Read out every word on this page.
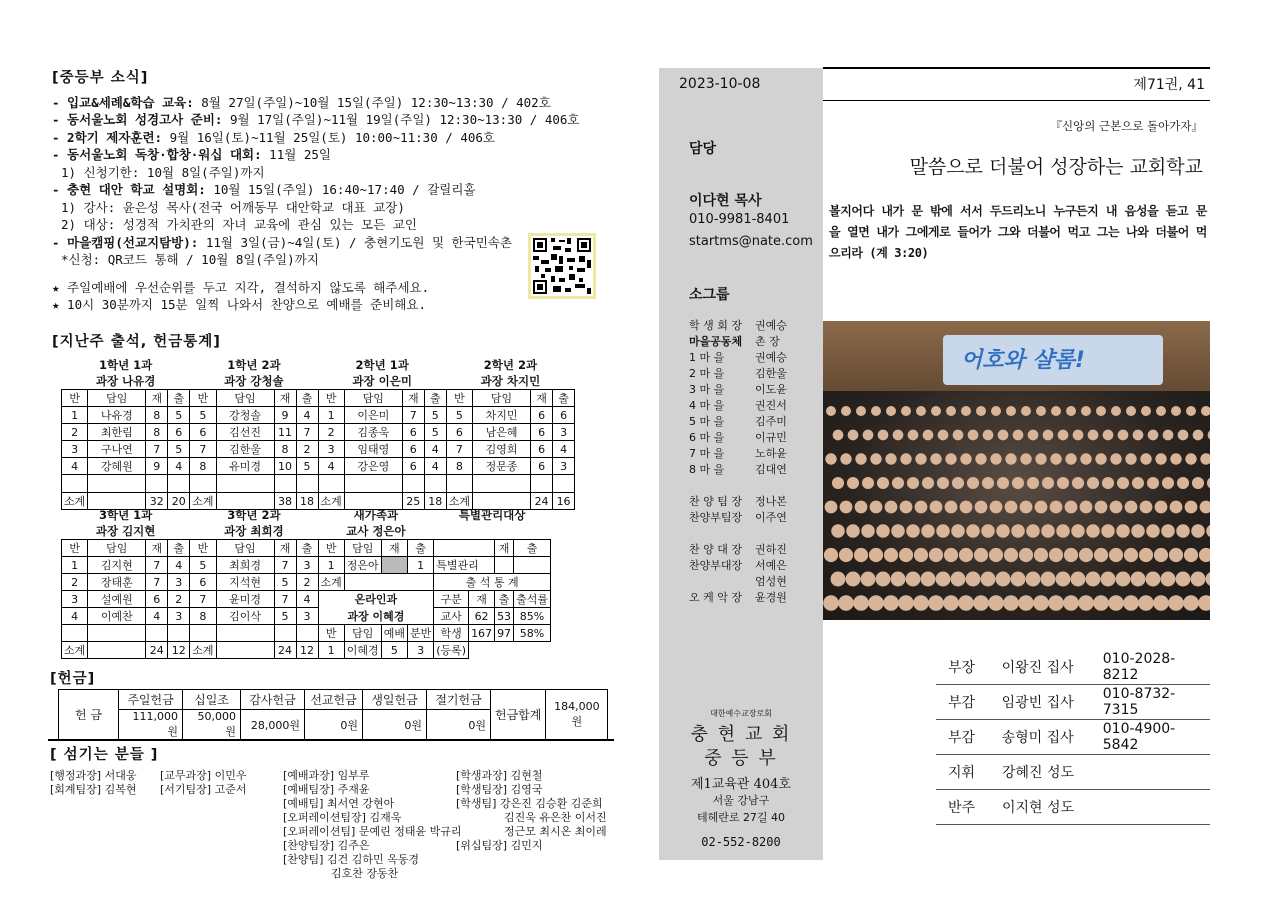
[중등부 소식]
- 입교&세례&학습 교육: 8월 27일(주일)~10월 15일(주일) 12:30~13:30 / 402호
- 동서울노회 성경고사 준비: 9월 17일(주일)~11월 19일(주일) 12:30~13:30 / 406호
- 2학기 제자훈련: 9월 16일(토)~11월 25일(토) 10:00~11:30 / 406호
- 동서울노회 독창·합창·워십 대회: 11월 25일
1) 신청기한: 10월 8일(주일)까지
- 충현 대안 학교 설명회: 10월 15일(주일) 16:40~17:40 / 갈릴리홀
1) 강사: 윤은성 목사(전국 어깨동무 대안학교 대표 교장)
2) 대상: 성경적 가치관의 자녀 교육에 관심 있는 모든 교인
- 마을캠핑(선교지탐방): 11월 3일(금)~4일(토) / 충현기도원 및 한국민속촌
*신청: QR코드 통해 / 10월 8일(주일)까지
★ 주일예배에 우선순위를 두고 지각, 결석하지 않도록 해주세요.
★ 10시 30분까지 15분 일찍 나와서 찬양으로 예배를 준비해요.
[지난주 출석, 헌금통계]
1학년 1과				1학년 2과				2학년 1과				2학년 2과			
과장 나유경				과장 강청솔				과장 이은미				과장 차지민			
반	담임	재	출	반	담임	재	출	반	담임	재	출	반	담임	재	출
1	나유경	8	5	5	강청솔	9	4	1	이은미	7	5	5	차지민	6	6
2	최한림	8	6	6	김선진	11	7	2	김종욱	6	5	6	남은혜	6	3
3	구나연	7	5	7	김한울	8	2	3	임태영	6	4	7	김영희	6	4
4	강혜원	9	4	8	유미경	10	5	4	강은영	6	4	8	정문종	6	3

소계		32	20	소계		38	18	소계		25	18	소계		24	16
3학년 1과				3학년 2과				새가족과				특별관리대상			
과장 김지현				과장 최희경				교사 정은아							
반	담임	재	출	반	담임	재	출	반	담임	재	출			재	출
1	김지현	7	4	5	최희경	7	3	1	정은아		1	특별관리			
2	장태훈	7	3	6	지석현	5	2	소계				출 석 통 계			
3	설예원	6	2	7	윤미경	7	4	온라인과				구분	재	출	출석률
4	이예찬	4	3	8	김이삭	5	3	과장 이혜경				교사	62	53	85%
								반	담임	예배	분반	학생	167	97	58%
소계		24	12	소계		24	12	1	이혜경	5	3	(등록)			
[헌금]
헌 금	주일헌금	십일조	감사헌금	선교헌금	생일헌금	절기헌금	헌금합계	184,000원
	111,000원	50,000원	28,000원	0원	0원	0원		
[ 섬기는 분들 ]
[행정과장] 서대웅
[회계팀장] 김복현
[교무과장] 이민우
[서기팀장] 고준서
[예배과장] 임부루
[예배팀장] 주재윤
[예배팀] 최서연 강현아
[오퍼레이션팀장] 김재욱
[오퍼레이션팀] 문예린 정태윤 박규리
[찬양팀장] 김주은
[찬양팀] 김건 김하민 옥동경
김호찬 장동찬
[학생과장] 김현철
[학생팀장] 김영국
[학생팀] 강은진 김승환 김준희
김진욱 유은찬 이서진
정근모 최시온 최이레
[위십팀장] 김민지
2023-10-08
담당
이다현 목사
010-9981-8401
startms@nate.com
소그룹
학 생 회 장 권예승
마을공동체 촌 장
1 마 을	권예승
2 마 을	김한울
3 마 을	이도윤
4 마 을	권진서
5 마 을	김주미
6 마 을	이규민
7 마 을	노하윤
8 마 을	김대연
찬 양 팀 장 정나본
찬양부팀장 이주연
찬 양 대 장 권하진
찬양부대장 서예은
엄성현
오 케 악 장 윤경원
대한예수교장로회
충 현 교 회
중 등 부
제1교육관 404호
서울 강남구
테헤란로 27길 40
02-552-8200
제71권, 41
『신앙의 근본으로 돌아가자』
말씀으로 더불어 성장하는 교회학교
볼지어다 내가 문 밖에 서서 두드리노니 누구든지 내 음성을 듣고 문을 열면 내가 그에게로 들어가 그와 더불어 먹고 그는 나와 더불어 먹으리라 (계 3:20)
어호와 샬롬!
부장	이왕진 집사
010-2028-8212
부감	임광빈 집사
010-8732-7315
부감	송형미 집사
010-4900-5842
지휘	강혜진 성도
반주	이지현 성도
